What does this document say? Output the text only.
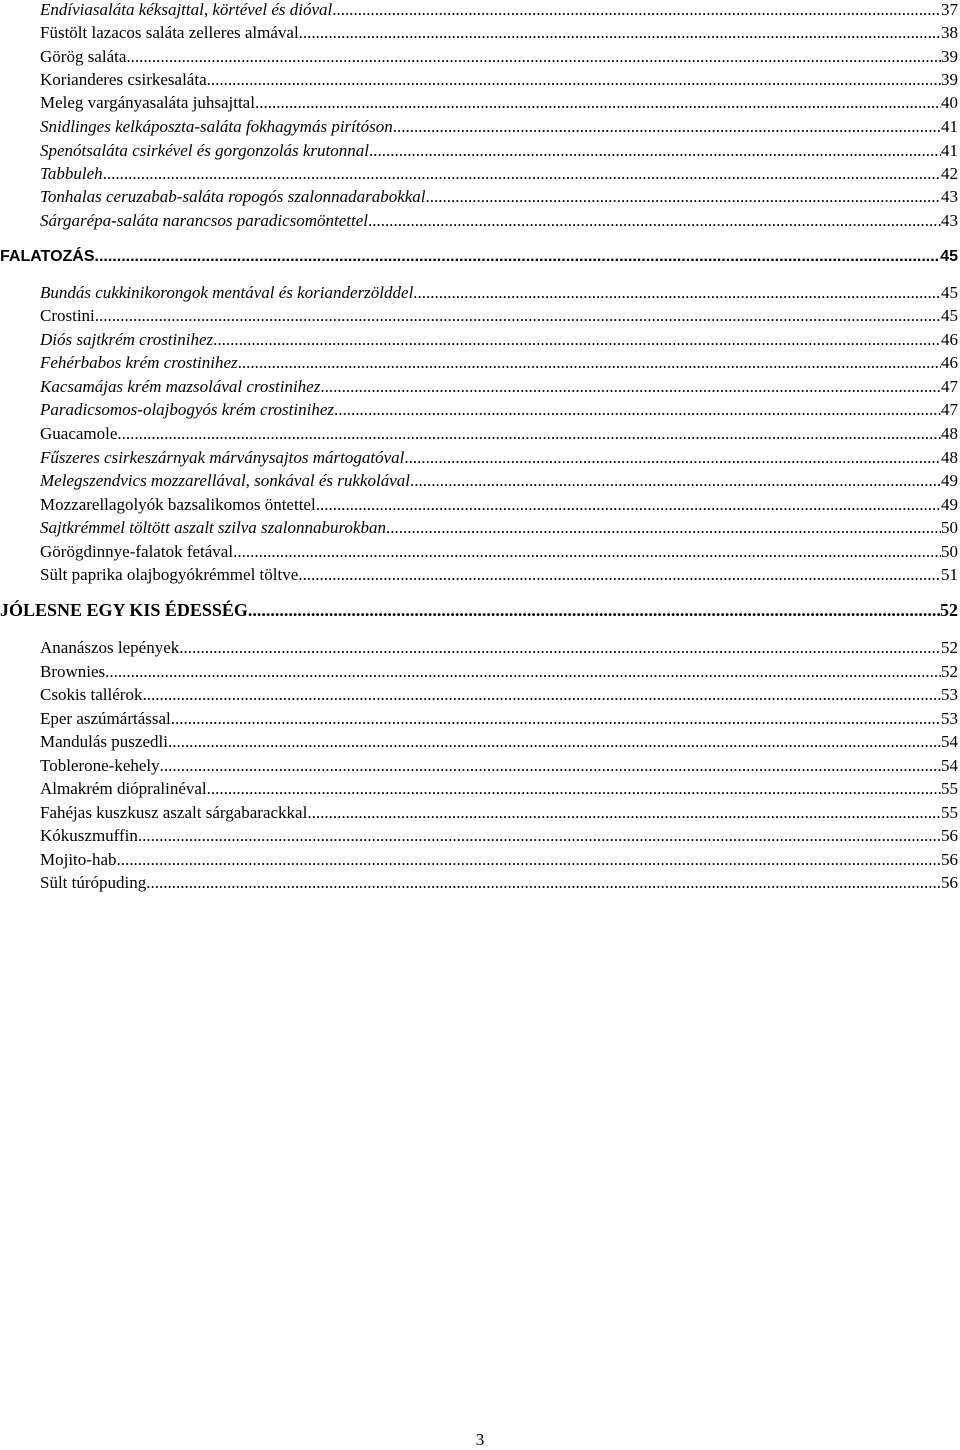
Endíviasaláta kéksajttal, körtével és dióval .....	37
Füstölt lazacos saláta zelleres almával .....	38
Görög saláta .....	39
Korianderes csirkesaláta .....	39
Meleg vargányasaláta juhsajttal .....	40
Snidlinges kelkáposzta-saláta fokhagymás pirítóson .....	41
Spenótsaláta csirkével és gorgonzolás krutonnal .....	41
Tabbuleh .....	42
Tonhalas ceruzabab-saláta ropogós szalonnadarabokkal .....	43
Sárgarépa-saláta narancsos paradicsomöntettel .....	43
FALATOZÁS .....	45
Bundás cukkinikorongok mentával és korianderzölddel .....	45
Crostini .....	45
Diós sajtkrém crostinihez .....	46
Fehérbabos krém crostinihez .....	46
Kacsamájas krém mazsolával crostinihez .....	47
Paradicsomos-olajbogyós krém crostinihez .....	47
Guacamole .....	48
Fűszeres csirkeszárnyak márványsajtos mártogatóval .....	48
Melegszendvics mozzarellával, sonkával és rukkolával .....	49
Mozzarellagolyók bazsalikomos öntettel .....	49
Sajtkrémmel töltött aszalt szilva szalonnaburokban .....	50
Görögdinnye-falatok fetával .....	50
Sült paprika olajbogyókrémmel töltve .....	51
JÓLESNE EGY KIS ÉDESSÉG .....	52
Ananászos lepények .....	52
Brownies .....	52
Csokis tallérok .....	53
Eper aszúmártással .....	53
Mandulás puszedli .....	54
Toblerone-kehely .....	54
Almakrém diópralinéval .....	55
Fahéjas kuszkusz aszalt sárgabarackkal .....	55
Kókuszmuffin .....	56
Mojito-hab .....	56
Sült túrópuding .....	56
3
